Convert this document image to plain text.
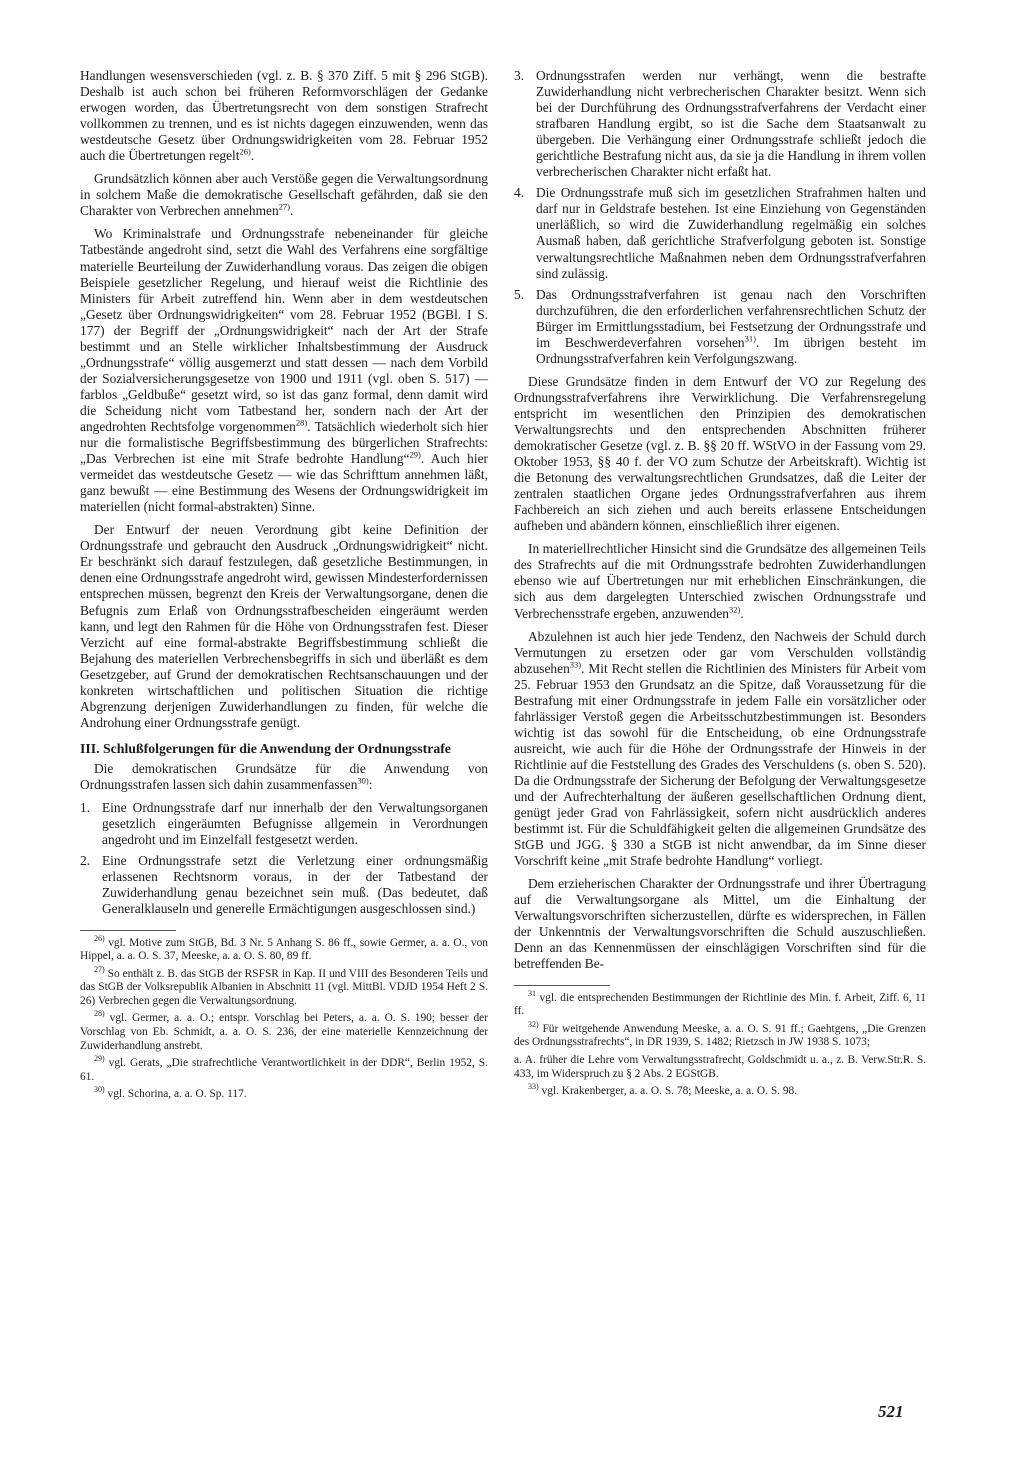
Handlungen wesensverschieden (vgl. z. B. § 370 Ziff. 5 mit § 296 StGB). Deshalb ist auch schon bei früheren Reformvorschlägen der Gedanke erwogen worden, das Übertretungsrecht von dem sonstigen Strafrecht vollkommen zu trennen, und es ist nichts dagegen einzuwenden, wenn das westdeutsche Gesetz über Ordnungswidrigkeiten vom 28. Februar 1952 auch die Übertretungen regelt$^{26)}$.

Grundsätzlich können aber auch Verstöße gegen die Verwaltungsordnung in solchem Maße die demokratische Gesellschaft gefährden, daß sie den Charakter von Verbrechen annehmen$^{27)}$.

Wo Kriminalstrafe und Ordnungsstrafe nebeneinander für gleiche Tatbestände angedroht sind, setzt die Wahl des Verfahrens eine sorgfältige materielle Beurteilung der Zuwiderhandlung voraus. Das zeigen die obigen Beispiele gesetzlicher Regelung, und hierauf weist die Richtlinie des Ministers für Arbeit zutreffend hin. Wenn aber in dem westdeutschen „Gesetz über Ordnungswidrigkeiten“ vom 28. Februar 1952 (BGBl. I S. 177) der Begriff der „Ordnungswidrigkeit“ nach der Art der Strafe bestimmt und an Stelle wirklicher Inhaltsbestimmung der Ausdruck „Ordnungsstrafe“ völlig ausgemerzt und statt dessen — nach dem Vorbild der Sozialversicherungsgesetze von 1900 und 1911 (vgl. oben S. 517) — farblos „Geldbuße“ gesetzt wird, so ist das ganz formal, denn damit wird die Scheidung nicht vom Tatbestand her, sondern nach der Art der angedrohten Rechtsfolge vorgenommen$^{28)}$. Tatsächlich wiederholt sich hier nur die formalistische Begriffsbestimmung des bürgerlichen Strafrechts: „Das Verbrechen ist eine mit Strafe bedrohte Handlung“$^{29)}$. Auch hier vermeidet das westdeutsche Gesetz — wie das Schrifttum annehmen läßt, ganz bewußt — eine Bestimmung des Wesens der Ordnungswidrigkeit im materiellen (nicht formal-abstrakten) Sinne.

Der Entwurf der neuen Verordnung gibt keine Definition der Ordnungsstrafe und gebraucht den Ausdruck „Ordnungswidrigkeit“ nicht. Er beschränkt sich darauf festzulegen, daß gesetzliche Bestimmungen, in denen eine Ordnungsstrafe angedroht wird, gewissen Mindesterfordernissen entsprechen müssen, begrenzt den Kreis der Verwaltungsorgane, denen die Befugnis zum Erlaß von Ordnungsstrafbescheiden eingeräumt werden kann, und legt den Rahmen für die Höhe von Ordnungsstrafen fest. Dieser Verzicht auf eine formal-abstrakte Begriffsbestimmung schließt die Bejahung des materiellen Verbrechensbegriffs in sich und überläßt es dem Gesetzgeber, auf Grund der demokratischen Rechtsanschauungen und der konkreten wirtschaftlichen und politischen Situation die richtige Abgrenzung derjenigen Zuwiderhandlungen zu finden, für welche die Androhung einer Ordnungsstrafe genügt.

III. Schlußfolgerungen für die Anwendung der Ordnungsstrafe

Die demokratischen Grundsätze für die Anwendung von Ordnungsstrafen lassen sich dahin zusammenfassen$^{30)}$:

1. Eine Ordnungsstrafe darf nur innerhalb der den Verwaltungsorganen gesetzlich eingeräumten Befugnisse allgemein in Verordnungen angedroht und im Einzelfall festgesetzt werden.
2. Eine Ordnungsstrafe setzt die Verletzung einer ordnungsmäßig erlassenen Rechtsnorm voraus, in der der Tatbestand der Zuwiderhandlung genau bezeichnet sein muß. (Das bedeutet, daß Generalklauseln und generelle Ermächtigungen ausgeschlossen sind.)

$^{26)}$ vgl. Motive zum StGB, Bd. 3 Nr. 5 Anhang S. 86 ff., sowie Germer, a. a. O., von Hippel, a. a. O. S. 37, Meeske, a. a. O. S. 80, 89 ff.

$^{27)}$ So enthält z. B. das StGB der RSFSR in Kap. II und VIII des Besonderen Teils und das StGB der Volksrepublik Albanien in Abschnitt 11 (vgl. MittBl. VDJD 1954 Heft 2 S. 26) Verbrechen gegen die Verwaltungsordnung.

$^{28)}$ vgl. Germer, a. a. O.; entspr. Vorschlag bei Peters, a. a. O. S. 190; besser der Vorschlag von Eb. Schmidt, a. a. O. S. 236, der eine materielle Kennzeichnung der Zuwiderhandlung anstrebt.

$^{29)}$ vgl. Gerats, „Die strafrechtliche Verantwortlichkeit in der DDR“, Berlin 1952, S. 61.

$^{30)}$ vgl. Schorina, a. a. O. Sp. 117.

3. Ordnungsstrafen werden nur verhängt, wenn die bestrafte Zuwiderhandlung nicht verbrecherischen Charakter besitzt. Wenn sich bei der Durchführung des Ordnungsstrafverfahrens der Verdacht einer strafbaren Handlung ergibt, so ist die Sache dem Staatsanwalt zu übergeben. Die Verhängung einer Ordnungsstrafe schließt jedoch die gerichtliche Bestrafung nicht aus, da sie ja die Handlung in ihrem vollen verbrecherischen Charakter nicht erfaßt hat.
4. Die Ordnungsstrafe muß sich im gesetzlichen Strafrahmen halten und darf nur in Geldstrafe bestehen. Ist eine Einziehung von Gegenständen unerläßlich, so wird die Zuwiderhandlung regelmäßig ein solches Ausmaß haben, daß gerichtliche Strafverfolgung geboten ist. Sonstige verwaltungsrechtliche Maßnahmen neben dem Ordnungsstrafverfahren sind zulässig.
5. Das Ordnungsstrafverfahren ist genau nach den Vorschriften durchzuführen, die den erforderlichen verfahrensrechtlichen Schutz der Bürger im Ermittlungsstadium, bei Festsetzung der Ordnungsstrafe und im Beschwerdeverfahren vorsehen$^{31)}$. Im übrigen besteht im Ordnungsstrafverfahren kein Verfolgungszwang.

Diese Grundsätze finden in dem Entwurf der VO zur Regelung des Ordnungsstrafverfahrens ihre Verwirklichung. Die Verfahrensregelung entspricht im wesentlichen den Prinzipien des demokratischen Verwaltungsrechts und den entsprechenden Abschnitten früherer demokratischer Gesetze (vgl. z. B. §§ 20 ff. WStVO in der Fassung vom 29. Oktober 1953, §§ 40 f. der VO zum Schutze der Arbeitskraft). Wichtig ist die Betonung des verwaltungsrechtlichen Grundsatzes, daß die Leiter der zentralen staatlichen Organe jedes Ordnungsstrafverfahren aus ihrem Fachbereich an sich ziehen und auch bereits erlassene Entscheidungen aufheben und abändern können, einschließlich ihrer eigenen.

In materiellrechtlicher Hinsicht sind die Grundsätze des allgemeinen Teils des Strafrechts auf die mit Ordnungsstrafe bedrohten Zuwiderhandlungen ebenso wie auf Übertretungen nur mit erheblichen Einschränkungen, die sich aus dem dargelegten Unterschied zwischen Ordnungsstrafe und Verbrechensstrafe ergeben, anzuwenden$^{32)}$.

Abzulehnen ist auch hier jede Tendenz, den Nachweis der Schuld durch Vermutungen zu ersetzen oder gar vom Verschulden vollständig abzusehen$^{33)}$. Mit Recht stellen die Richtlinien des Ministers für Arbeit vom 25. Februar 1953 den Grundsatz an die Spitze, daß Voraussetzung für die Bestrafung mit einer Ordnungsstrafe in jedem Falle ein vorsätzlicher oder fahrlässiger Verstoß gegen die Arbeitsschutzbestimmungen ist. Besonders wichtig ist das sowohl für die Entscheidung, ob eine Ordnungsstrafe ausreicht, wie auch für die Höhe der Ordnungsstrafe der Hinweis in der Richtlinie auf die Feststellung des Grades des Verschuldens (s. oben S. 520). Da die Ordnungsstrafe der Sicherung der Befolgung der Verwaltungsgesetze und der Aufrechterhaltung der äußeren gesellschaftlichen Ordnung dient, genügt jeder Grad von Fahrlässigkeit, sofern nicht ausdrücklich anderes bestimmt ist. Für die Schuldfähigkeit gelten die allgemeinen Grundsätze des StGB und JGG. § 330 a StGB ist nicht anwendbar, da im Sinne dieser Vorschrift keine „mit Strafe bedrohte Handlung“ vorliegt.

Dem erzieherischen Charakter der Ordnungsstrafe und ihrer Übertragung auf die Verwaltungsorgane als Mittel, um die Einhaltung der Verwaltungsvorschriften sicherzustellen, dürfte es widersprechen, in Fällen der Unkenntnis der Verwaltungsvorschriften die Schuld auszuschließen. Denn an das Kennenmüssen der einschlägigen Vorschriften sind für die betreffenden Be-

$^{31}$ vgl. die entsprechenden Bestimmungen der Richtlinie des Min. f. Arbeit, Ziff. 6, 11 ff.

$^{32)}$ Für weitgehende Anwendung Meeske, a. a. O. S. 91 ff.; Gaehtgens, „Die Grenzen des Ordnungsstrafrechts“, in DR 1939, S. 1482; Rietzsch in JW 1938 S. 1073;

a. A. früher die Lehre vom Verwaltungsstrafrecht, Goldschmidt u. a., z. B. Verw.Str.R. S. 433, im Widerspruch zu § 2 Abs. 2 EGStGB.

$^{33)}$ vgl. Krakenberger, a. a. O. S. 78; Meeske, a. a. O. S. 98.

521
